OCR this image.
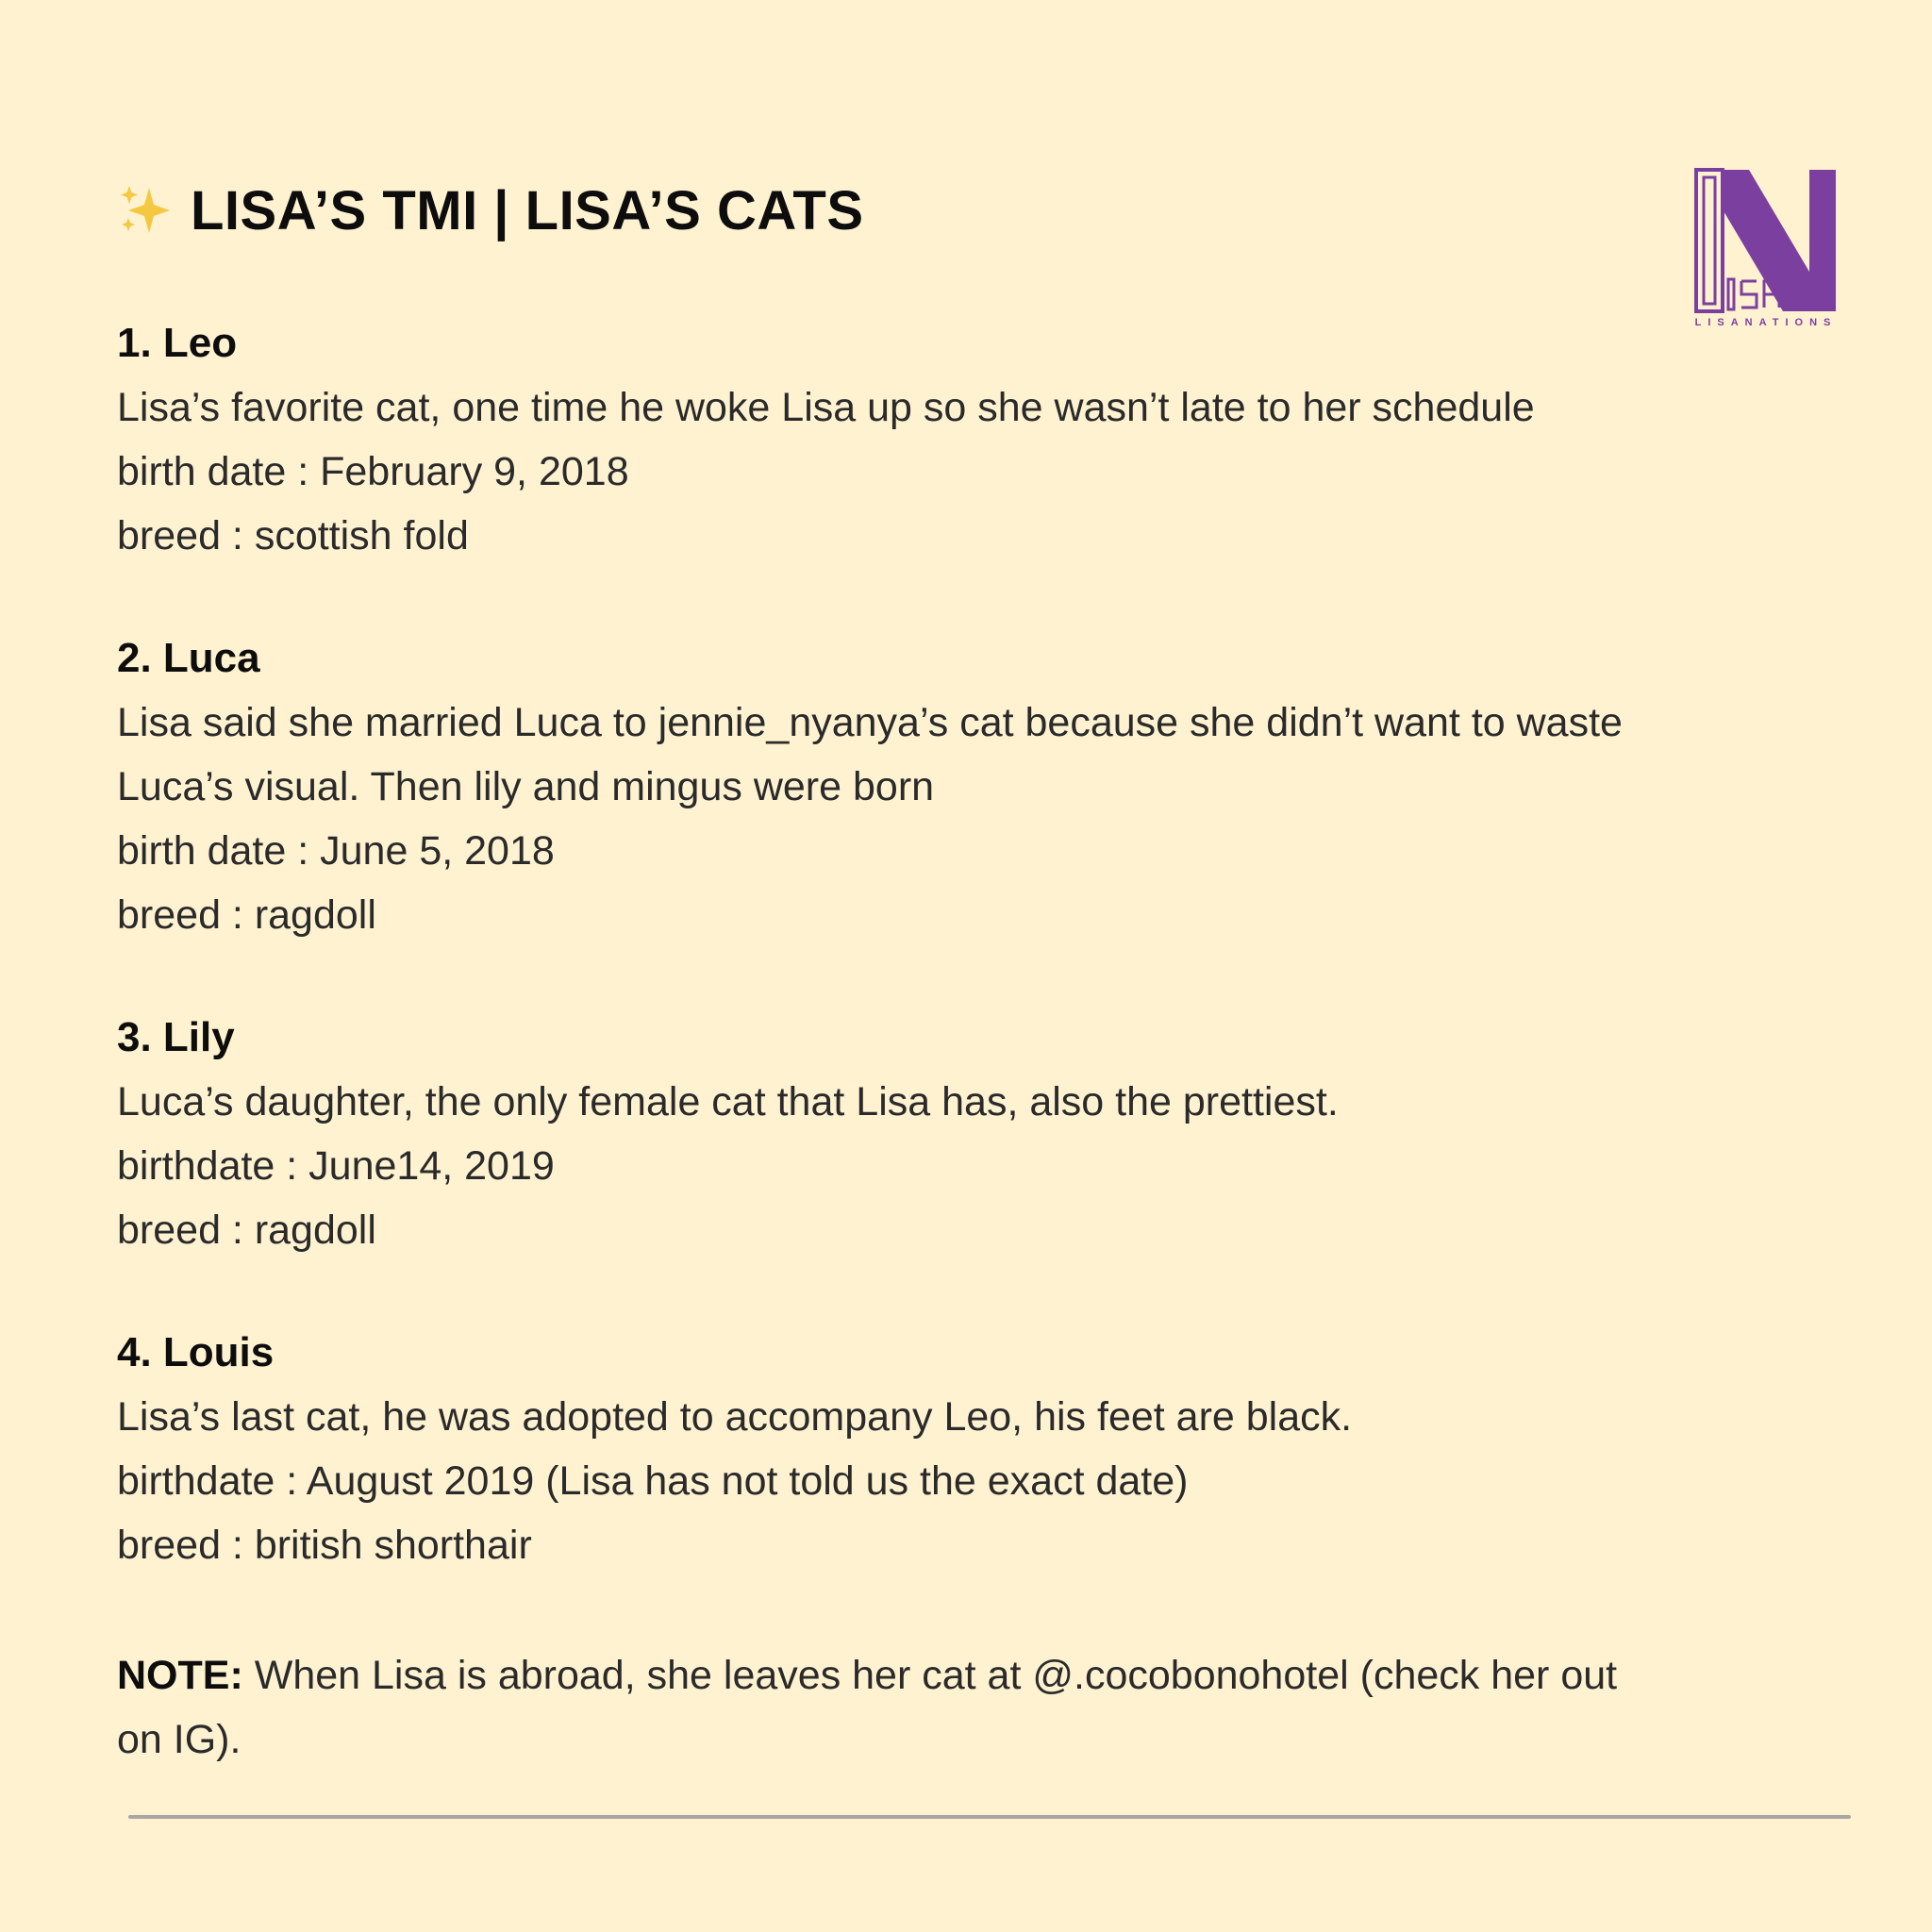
LISA’S TMI | LISA’S CATS
LISANATIONS
1. Leo
Lisa’s favorite cat, one time he woke Lisa up so she wasn’t late to her schedule
birth date : February 9, 2018
breed : scottish fold
2. Luca
Lisa said she married Luca to jennie_nyanya’s cat because she didn’t want to waste
Luca’s visual. Then lily and mingus were born
birth date : June 5, 2018
breed : ragdoll
3. Lily
Luca’s daughter, the only female cat that Lisa has, also the prettiest.
birthdate : June14, 2019
breed : ragdoll
4. Louis
Lisa’s last cat, he was adopted to accompany Leo, his feet are black.
birthdate : August 2019 (Lisa has not told us the exact date)
breed : british shorthair
NOTE: When Lisa is abroad, she leaves her cat at @.cocobonohotel (check her out
on IG).
